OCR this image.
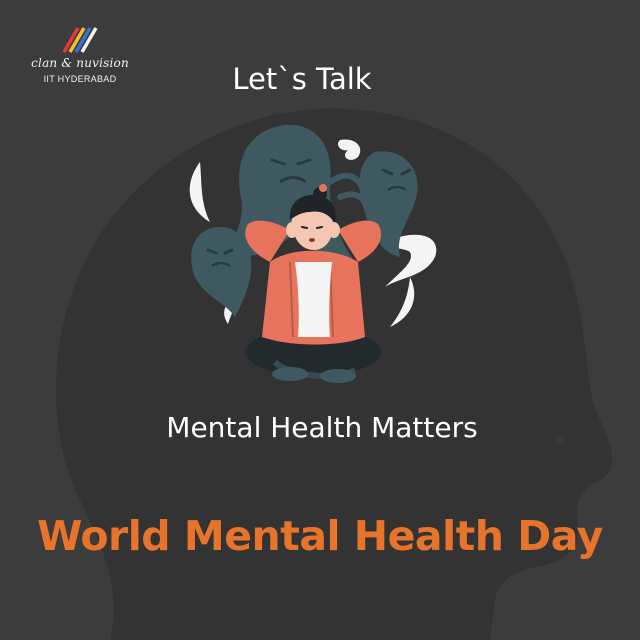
clan & nuvision
IIT HYDERABAD	Let`s Talk
Mental Health Matters
World Mental Health Day
